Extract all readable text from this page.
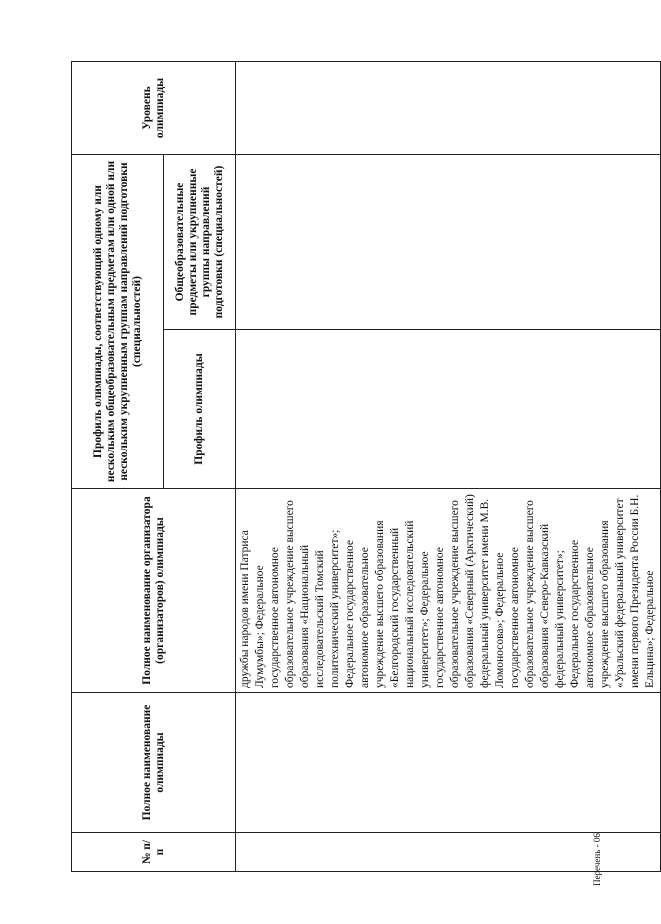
№ п/п	Полное наименование олимпиады	Полное наименование организатора (организаторов) олимпиады	Профиль олимпиады, соответствующий одному или нескольким общеобразовательным предметам или одной или нескольким укрупненным группам направлений подготовки (специальностей)		Уровень олимпиады
			Профиль олимпиады	Общеобразовательные предметы или укрупненные группы направлений подготовки (специальностей)	
		дружбы народов имени Патриса Лумумбы»; Федеральное государственное автономное образовательное учреждение высшего образования «Национальный исследовательский Томский политехнический университет»; Федеральное государственное автономное образовательное учреждение высшего образования «Белгородский государственный национальный исследовательский университет»; Федеральное государственное автономное образовательное учреждение высшего образования «Северный (Арктический) федеральный университет имени М.В. Ломоносова»; Федеральное государственное автономное образовательное учреждение высшего образования «Северо-Кавказский федеральный университет»; Федеральное государственное автономное образовательное учреждение высшего образования «Уральский федеральный университет имени первого Президента России Б.Н. Ельцина»; Федеральное			
Перечень - 06
